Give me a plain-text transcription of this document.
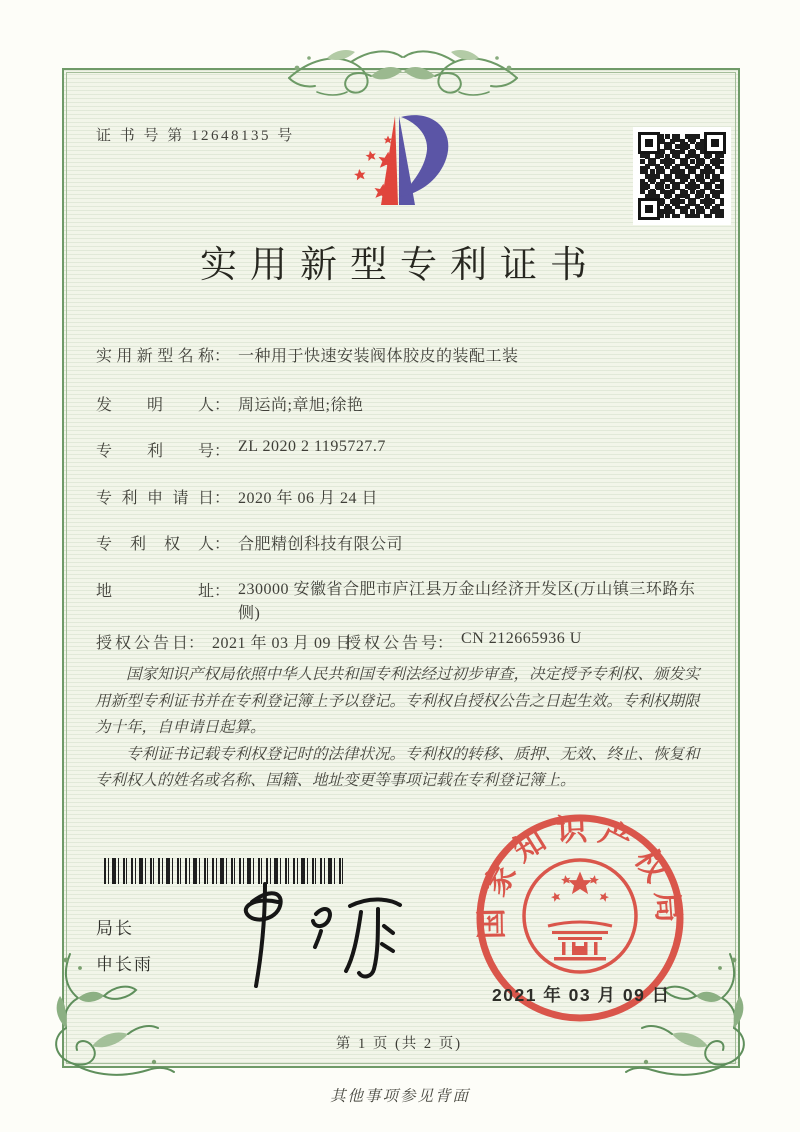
证 书 号 第 12648135 号
实用新型专利证书
实用新型名称： 一种用于快速安装阀体胶皮的装配工装
发明人： 周运尚;章旭;徐艳
专利号： ZL 2020 2 1195727.7
专利申请日： 2020 年 06 月 24 日
专利权人： 合肥精创科技有限公司
地址： 230000 安徽省合肥市庐江县万金山经济开发区(万山镇三环路东侧)
授权公告日： 2021 年 03 月 09 日
授权公告号： CN 212665936 U

国家知识产权局依照中华人民共和国专利法经过初步审查，决定授予专利权、颁发实用新型专利证书并在专利登记簿上予以登记。专利权自授权公告之日起生效。专利权期限为十年，自申请日起算。

专利证书记载专利权登记时的法律状况。专利权的转移、质押、无效、终止、恢复和专利权人的姓名或名称、国籍、地址变更等事项记载在专利登记簿上。

局长
申长雨
国家知识产权局
2021 年 03 月 09 日
第 1 页 (共 2 页)
其他事项参见背面
